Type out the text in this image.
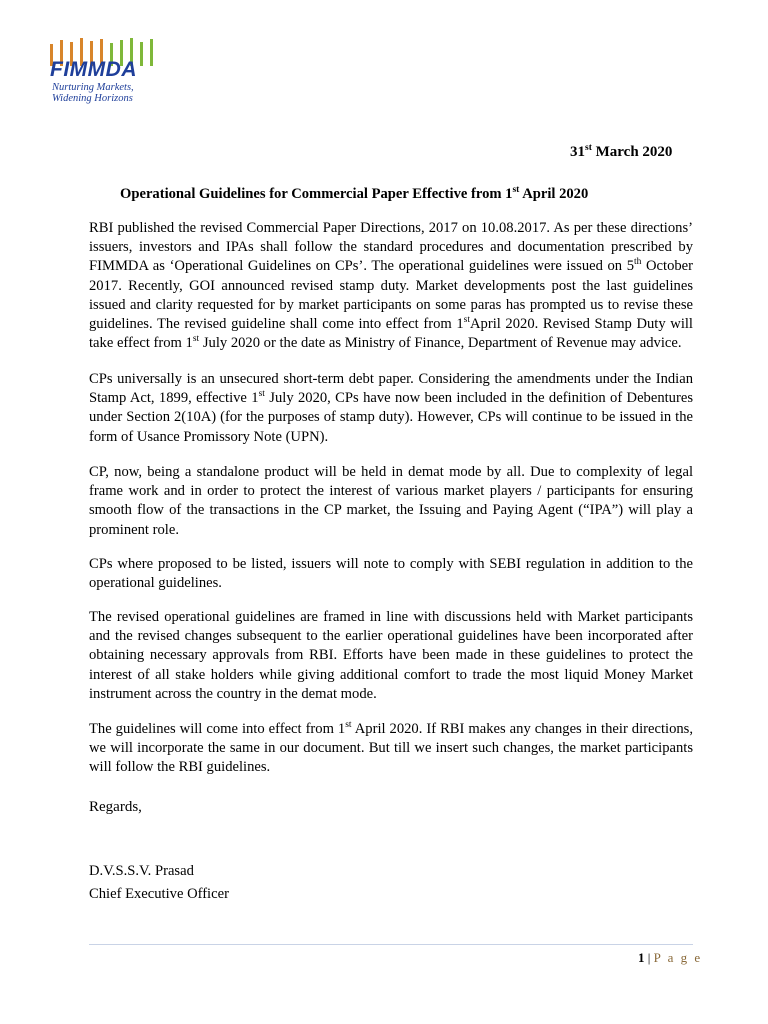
FIMMDA
Nurturing Markets,
Widening Horizons
31st March 2020
Operational Guidelines for Commercial Paper Effective from 1st April 2020

RBI published the revised Commercial Paper Directions, 2017 on 10.08.2017. As per these directions’ issuers, investors and IPAs shall follow the standard procedures and documentation prescribed by FIMMDA as ‘Operational Guidelines on CPs’. The operational guidelines were issued on 5th October 2017. Recently, GOI announced revised stamp duty. Market developments post the last guidelines issued and clarity requested for by market participants on some paras has prompted us to revise these guidelines. The revised guideline shall come into effect from 1stApril 2020. Revised Stamp Duty will take effect from 1st July 2020 or the date as Ministry of Finance, Department of Revenue may advice.

CPs universally is an unsecured short-term debt paper. Considering the amendments under the Indian Stamp Act, 1899, effective 1st July 2020, CPs have now been included in the definition of Debentures under Section 2(10A) (for the purposes of stamp duty). However, CPs will continue to be issued in the form of Usance Promissory Note (UPN).

CP, now, being a standalone product will be held in demat mode by all. Due to complexity of legal frame work and in order to protect the interest of various market players / participants for ensuring smooth flow of the transactions in the CP market, the Issuing and Paying Agent (“IPA”) will play a prominent role.

CPs where proposed to be listed, issuers will note to comply with SEBI regulation in addition to the operational guidelines.

The revised operational guidelines are framed in line with discussions held with Market participants and the revised changes subsequent to the earlier operational guidelines have been incorporated after obtaining necessary approvals from RBI. Efforts have been made in these guidelines to protect the interest of all stake holders while giving additional comfort to trade the most liquid Money Market instrument across the country in the demat mode.

The guidelines will come into effect from 1st April 2020. If RBI makes any changes in their directions, we will incorporate the same in our document. But till we insert such changes, the market participants will follow the RBI guidelines.

Regards,
D.V.S.S.V. Prasad
Chief Executive Officer
1 | P a g e
